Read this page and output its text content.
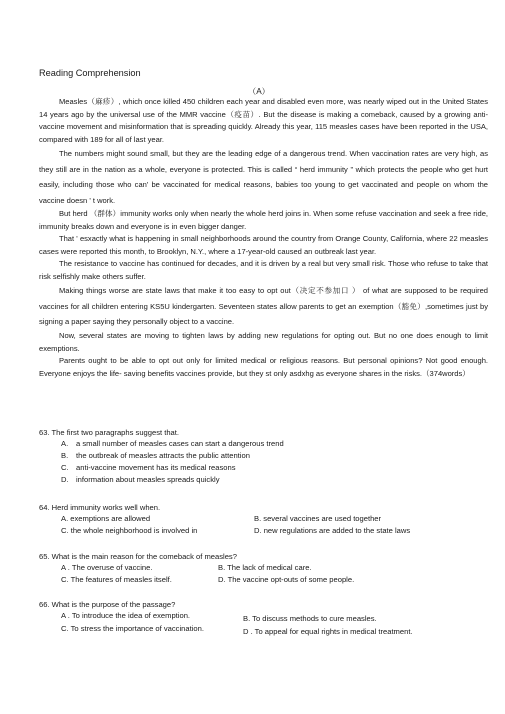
Reading Comprehension
（A）

Measles（麻疹）, which once killed 450 children each year and disabled even more, was nearly wiped out in the United States 14 years ago by the universal use of the MMR vaccine（疫苗）. But the disease is making a comeback, caused by a growing anti-vaccine movement and misinformation that is spreading quickly. Already this year, 115 measles cases have been reported in the USA, compared with 189 for all of last year.

The numbers might sound small, but they are the leading edge of a dangerous trend. When vaccination rates are very high, as they still are in the nation as a whole, everyone is protected. This is called “ herd immunity ” which protects the people who get hurt easily, including those who can' be vaccinated for medical reasons, babies too young to get vaccinated and people on whom the vaccine doesn ' t work.

But herd （群体）immunity works only when nearly the whole herd joins in. When some refuse vaccination and seek a free ride, immunity breaks down and everyone is in even bigger danger.

That ' esxactly what is happening in small neighborhoods around the country from Orange County, California, where 22 measles cases were reported this month, to Brooklyn, N.Y., where a 17-year-old caused an outbreak last year.

The resistance to vaccine has continued for decades, and it is driven by a real but very small risk. Those who refuse to take that risk selfishly make others suffer.

Making things worse are state laws that make it too easy to opt out（决定不参加口 ） of what are supposed to be required vaccines for all children entering KS5U kindergarten. Seventeen states allow parents to get an exemption（豁免）,sometimes just by signing a paper saying they personally object to a vaccine.

Now, several states are moving to tighten laws by adding new regulations for opting out. But no one does enough to limit exemptions.

Parents ought to be able to opt out only for limited medical or religious reasons. But personal opinions? Not good enough. Everyone enjoys the life- saving benefits vaccines provide, but they st only asdxhg as everyone shares in the risks.（374words）

63. The first two paragraphs suggest that.
A. a small number of measles cases can start a dangerous trend
B. the outbreak of measles attracts the public attention
C. anti-vaccine movement has its medical reasons
D. information about measles spreads quickly
64. Herd immunity works well when.
A. exemptions are allowed	B. several vaccines are used together
C. the whole neighborhood is involved in	D. new regulations are added to the state laws
65. What is the main reason for the comeback of measles?
A . The overuse of vaccine.	B. The lack of medical care.
C. The features of measles itself.	D. The vaccine opt-outs of some people.
66. What is the purpose of the passage?
A . To introduce the idea of exemption.	B. To discuss methods to cure measles.
C. To stress the importance of vaccination.	D . To appeal for equal rights in medical treatment.
